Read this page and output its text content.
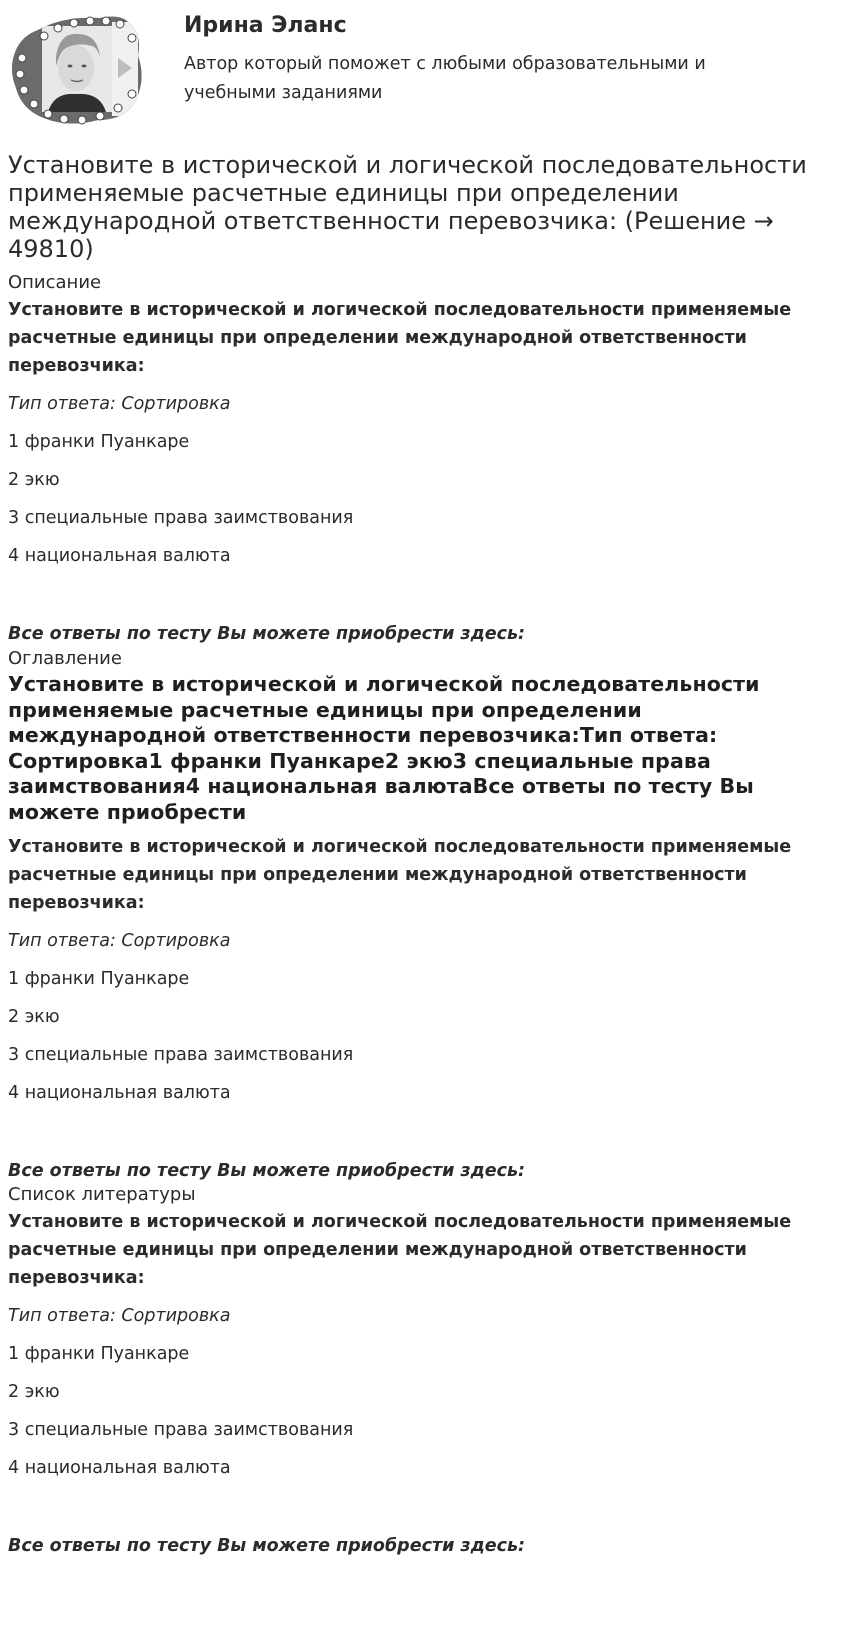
Ирина Эланс
Автор который поможет с любыми образовательными и учебными заданиями
Установите в исторической и логической последовательности применяемые расчетные единицы при определении международной ответственности перевозчика: (Решение → 49810)

Описание

Установите в исторической и логической последовательности применяемые расчетные единицы при определении международной ответственности перевозчика:

Тип ответа: Сортировка

1 франки Пуанкаре

2 экю

3 специальные права заимствования

4 национальная валюта

Все ответы по тесту Вы можете приобрести здесь:

Оглавление

Установите в исторической и логической последовательности применяемые расчетные единицы при определении международной ответственности перевозчика:Тип ответа: Сортировка1 франки Пуанкаре2 экю3 специальные права заимствования4 национальная валютаВсе ответы по тесту Вы можете приобрести

Установите в исторической и логической последовательности применяемые расчетные единицы при определении международной ответственности перевозчика:

Тип ответа: Сортировка

1 франки Пуанкаре

2 экю

3 специальные права заимствования

4 национальная валюта

Все ответы по тесту Вы можете приобрести здесь:

Список литературы

Установите в исторической и логической последовательности применяемые расчетные единицы при определении международной ответственности перевозчика:

Тип ответа: Сортировка

1 франки Пуанкаре

2 экю

3 специальные права заимствования

4 национальная валюта

Все ответы по тесту Вы можете приобрести здесь:
